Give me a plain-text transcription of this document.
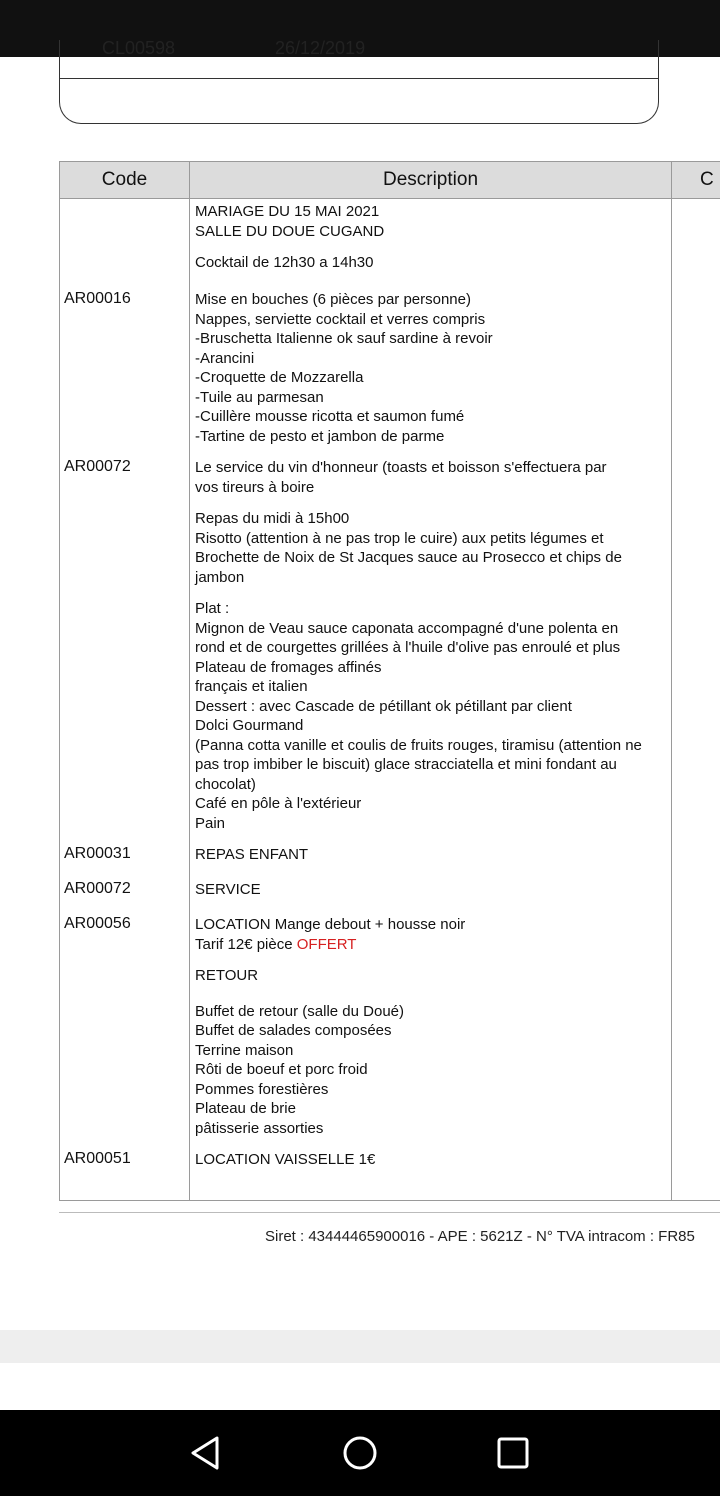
CL00598	26/12/2019
Code	Description	C
MARIAGE DU 15 MAI 2021
SALLE DU DOUE CUGAND
Cocktail de 12h30 a 14h30
AR00016	Mise en bouches (6 pièces par personne)
Nappes, serviette cocktail et verres compris
-Bruschetta Italienne ok sauf sardine à revoir
-Arancini
-Croquette de Mozzarella
-Tuile au parmesan
-Cuillère mousse ricotta et saumon fumé
-Tartine de pesto et jambon de parme
AR00072	Le service du vin d'honneur (toasts et boisson s'effectuera par
vos tireurs à boire
Repas du midi à 15h00
Risotto (attention à ne pas trop le cuire) aux petits légumes et
Brochette de Noix de St Jacques sauce au Prosecco et chips de
jambon
Plat :
Mignon de Veau sauce caponata accompagné d'une polenta en
rond et de courgettes grillées à l'huile d'olive pas enroulé et plus
Plateau de fromages affinés
français et italien
Dessert : avec Cascade de pétillant ok pétillant par client
Dolci Gourmand
(Panna cotta vanille et coulis de fruits rouges, tiramisu (attention ne
pas trop imbiber le biscuit) glace stracciatella et mini fondant au
chocolat)
Café en pôle à l'extérieur
Pain
AR00031	REPAS ENFANT
AR00072	SERVICE
AR00056	LOCATION Mange debout + housse noir
Tarif 12€ pièce OFFERT
RETOUR
Buffet de retour (salle du Doué)
Buffet de salades composées
Terrine maison
Rôti de boeuf et porc froid
Pommes forestières
Plateau de brie
pâtisserie assorties
AR00051	LOCATION VAISSELLE 1€
Siret : 43444465900016 - APE : 5621Z - N° TVA intracom : FR85
